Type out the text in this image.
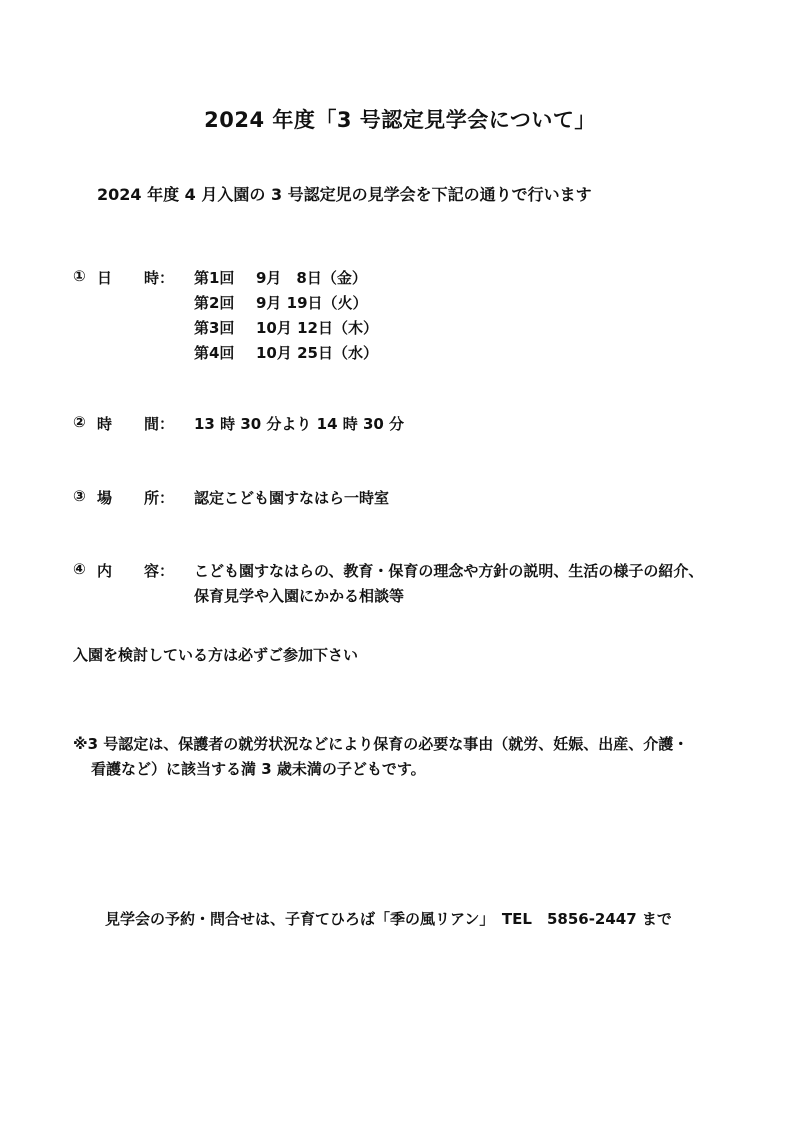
2024 年度「3 号認定見学会について」
2024 年度 4 月入園の 3 号認定児の見学会を下記の通りで行います
① 日 時： 第1回 9月　8日（金）
第2回 9月 19日（火）
第3回 10月 12日（木）
第4回 10月 25日（水）
② 時 間： 13 時 30 分より 14 時 30 分
③ 場 所： 認定こども園すなはら一時室
④ 内 容： こども園すなはらの、教育・保育の理念や方針の説明、生活の様子の紹介、
保育見学や入園にかかる相談等
入園を検討している方は必ずご参加下さい
※3 号認定は、保護者の就労状況などにより保育の必要な事由（就労、妊娠、出産、介護・
看護など）に該当する満 3 歳未満の子どもです。
見学会の予約・問合せは、子育てひろば「季の風リアン」　TEL　5856-2447 まで
